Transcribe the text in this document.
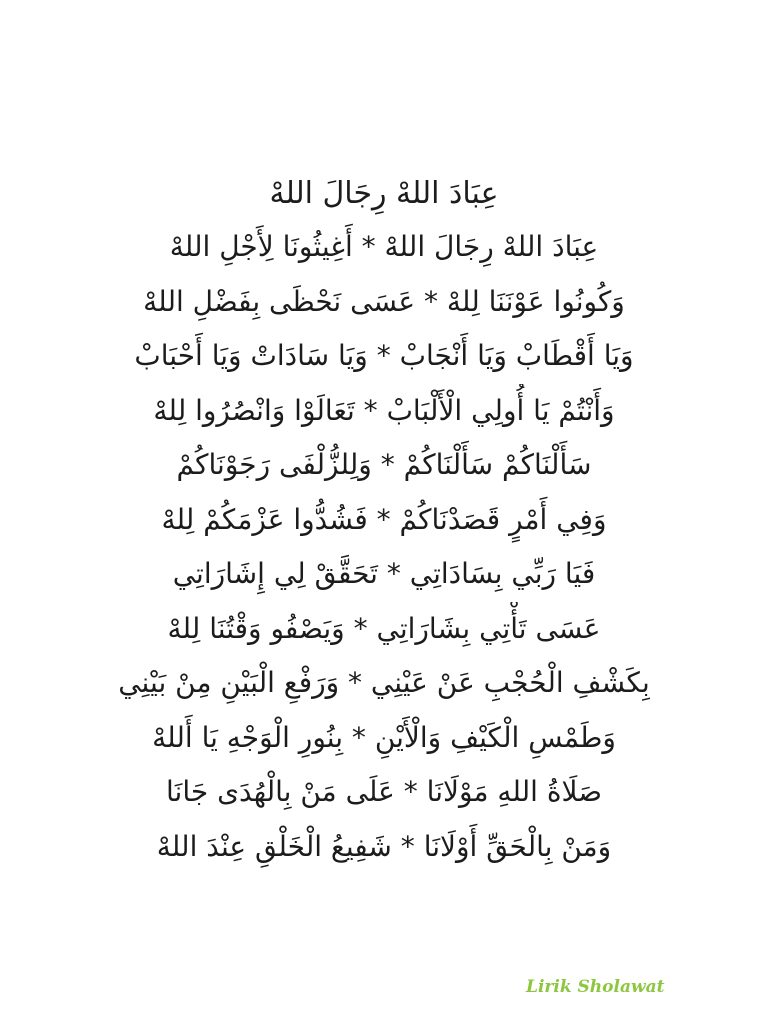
عِبَادَ اللهْ رِجَالَ اللهْ
عِبَادَ اللهْ رِجَالَ اللهْ * أَغِيثُونَا لِأَجْلِ اللهْ
وَكُونُوا عَوْنَنَا لِلهْ * عَسَى نَحْظَى بِفَضْلِ اللهْ
وَيَا أَقْطَابْ وَيَا أَنْجَابْ * وَيَا سَادَاتْ وَيَا أَحْبَابْ
وَأَنْتُمْ يَا أُولِي الْأَلْبَابْ * تَعَالَوْا وَانْصُرُوا لِلهْ
سَأَلْنَاكُمْ سَأَلْنَاكُمْ * وَلِلزُّلْفَى رَجَوْنَاكُمْ
وَفِي أَمْرٍ قَصَدْنَاكُمْ * فَشُدُّوا عَزْمَكُمْ لِلهْ
فَيَا رَبِّي بِسَادَاتِي * تَحَقَّقْ لِي إِشَارَاتِي
عَسَى تَأْتِي بِشَارَاتِي * وَيَصْفُو وَقْتُنَا لِلهْ
بِكَشْفِ الْحُجْبِ عَنْ عَيْنِي * وَرَفْعِ الْبَيْنِ مِنْ بَيْنِي
وَطَمْسِ الْكَيْفِ وَالْأَيْنِ * بِنُورِ الْوَجْهِ يَا أَللهْ
صَلَاةُ اللهِ مَوْلَانَا * عَلَى مَنْ بِالْهُدَى جَانَا
وَمَنْ بِالْحَقِّ أَوْلَانَا * شَفِيعُ الْخَلْقِ عِنْدَ اللهْ
Lirik Sholawat
